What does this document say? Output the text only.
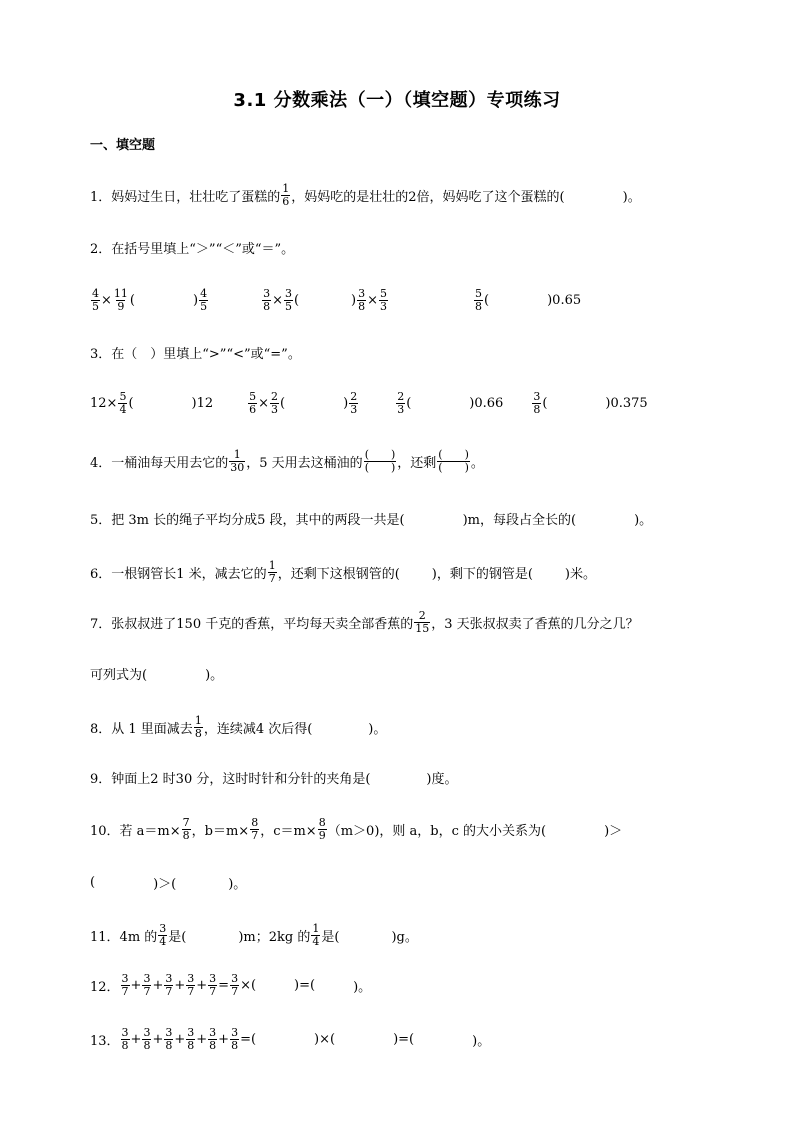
3.1 分数乘法（一）（填空题）专项练习
一、填空题
1．妈妈过生日，壮壮吃了蛋糕的 $\frac{1}{6}$ ，妈妈吃的是壮壮的2倍，妈妈吃了这个蛋糕的(	)。
2．在括号里填上“＞”“＜”或“＝”。
$\frac{4}{5} \times \frac{11}{9}$ (	) $\frac{4}{5}$	$\frac{3}{8} \times \frac{3}{5}$ (	) $\frac{3}{8} \times \frac{5}{3}$	$\frac{5}{8}$ (	)0.65
3．在（　）里填上“>”“<”或“=”。
$12\times \frac{5}{4}$ (	)12	$\frac{5}{6} \times \frac{2}{3}$ (	) $\frac{2}{3}$	$\frac{2}{3}$ (	)0.66	$\frac{3}{8}$ (	)0.375
4．一桶油每天用去它的 $\frac{1}{30}$ ，5 天用去这桶油的 $\frac{( )}{( )}$ ，还剩 $\frac{( )}{( )}$ 。
5．把 3m 长的绳子平均分成5 段，其中的两段一共是(	)m，每段占全长的(	)。
6．一根钢管长1 米，减去它的 $\frac{1}{7}$ ，还剩下这根钢管的( )，剩下的钢管是( )米。
7．张叔叔进了150 千克的香蕉，平均每天卖全部香蕉的 $\frac{2}{15}$ ，3 天张叔叔卖了香蕉的几分之几？
可列式为(	)。
8．从 1 里面减去 $\frac{1}{8}$ ，连续减4 次后得(	)。
9．钟面上2 时30 分，这时时针和分针的夹角是(	)度。
10．若 $a=m\times \frac{7}{8}$ ，$b=m\times \frac{8}{7}$ ，$c=m\times \frac{8}{9} (m>0)$，则 a，b，c 的大小关系为(	)＞
(	)＞(	)。
11．4m 的 $\frac{3}{4}$ 是(	)m；2kg 的 $\frac{1}{4}$ 是(	)g。
12． $\frac{3}{7} + \frac{3}{7} + \frac{3}{7} + \frac{3}{7} + \frac{3}{7} = \frac{3}{7}$ ×(	)=(	)。
13． $\frac{3}{8} + \frac{3}{8} + \frac{3}{8} + \frac{3}{8} + \frac{3}{8} + \frac{3}{8}$ =(	)×(	)=(	)。
